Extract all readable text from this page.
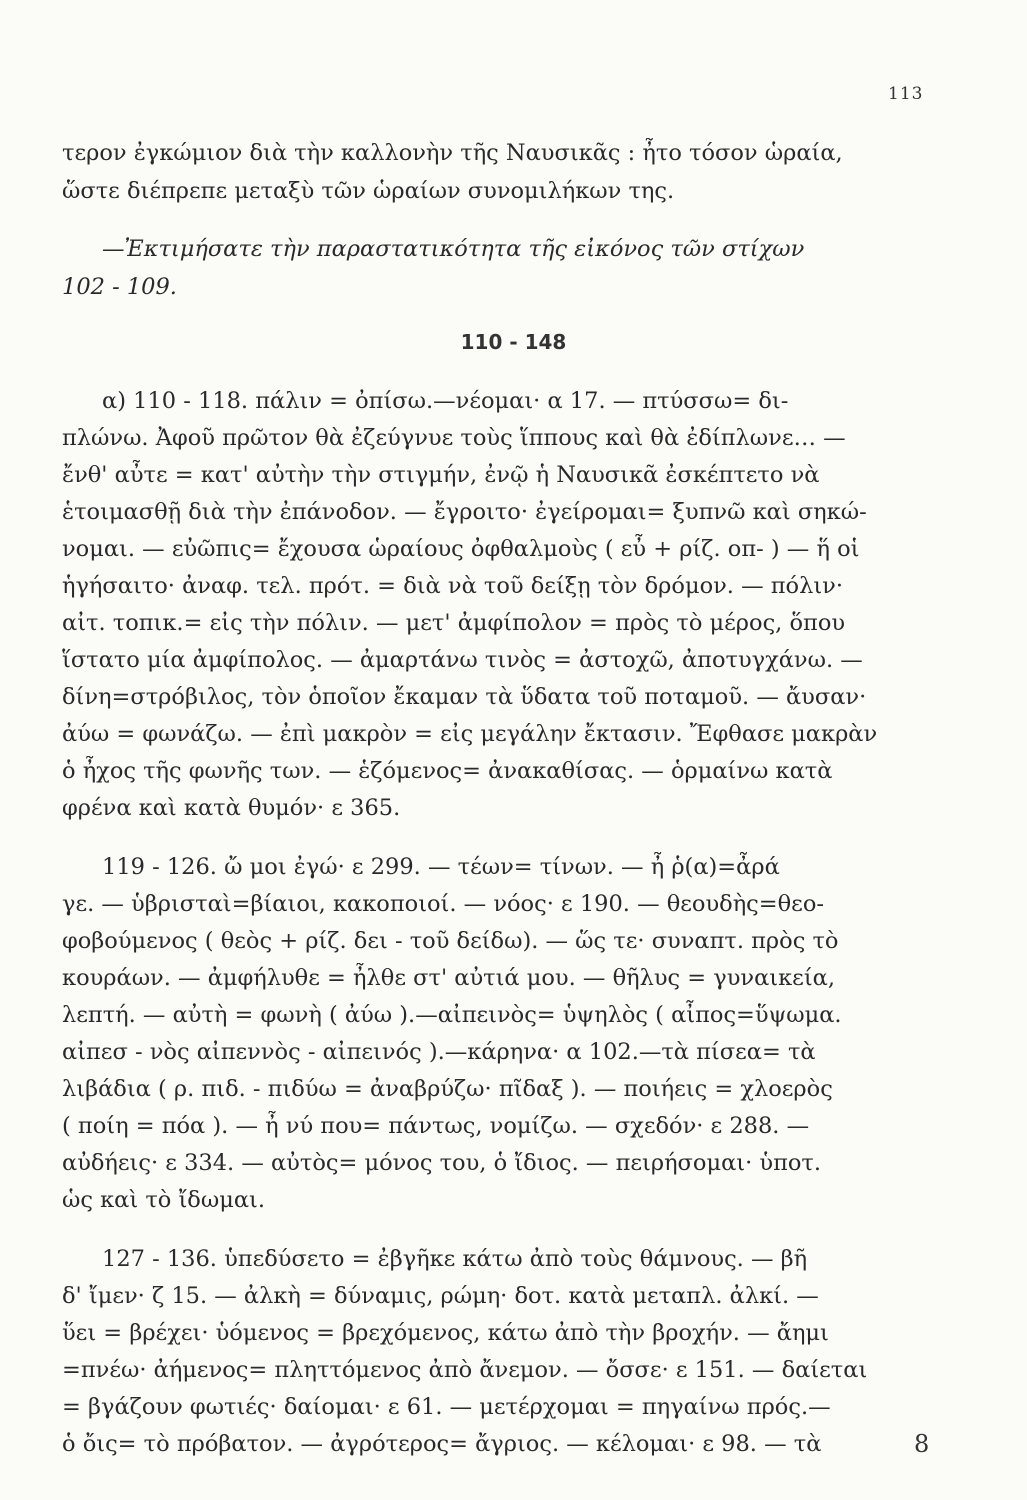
113
τερον ἐγκώμιον διὰ τὴν καλλονὴν τῆς Ναυσικᾶς : ἦτο τόσον ὡραία,
ὥστε διέπρεπε μεταξὺ τῶν ὡραίων συνομιλήκων της.
—Ἐκτιμήσατε τὴν παραστατικότητα τῆς εἰκόνος τῶν στίχων
102 - 109.
110 - 148
α) 110 - 118. πάλιν = ὀπίσω.—νέομαι· α 17. — πτύσσω= δι-
πλώνω. Ἀφοῦ πρῶτον θὰ ἐζεύγνυε τοὺς ἵππους καὶ θὰ ἐδίπλωνε… —
ἔνθ' αὖτε = κατ' αὐτὴν τὴν στιγμήν, ἐνῷ ἡ Ναυσικᾶ ἐσκέπτετο νὰ
ἑτοιμασθῇ διὰ τὴν ἐπάνοδον. — ἔγροιτο· ἐγείρομαι= ξυπνῶ καὶ σηκώ-
νομαι. — εὐῶπις= ἔχουσα ὡραίους ὀφθαλμοὺς ( εὖ + ρίζ. οπ- ) — ἥ οἱ
ἡγήσαιτο· ἀναφ. τελ. πρότ. = διὰ νὰ τοῦ δείξῃ τὸν δρόμον. — πόλιν·
αἰτ. τοπικ.= εἰς τὴν πόλιν. — μετ' ἀμφίπολον = πρὸς τὸ μέρος, ὅπου
ἵστατο μία ἀμφίπολος. — ἀμαρτάνω τινὸς = ἀστοχῶ, ἀποτυγχάνω. —
δίνη=στρόβιλος, τὸν ὁποῖον ἔκαμαν τὰ ὕδατα τοῦ ποταμοῦ. — ἄυσαν·
ἀύω = φωνάζω. — ἐπὶ μακρὸν = εἰς μεγάλην ἔκτασιν. Ἔφθασε μακρὰν
ὁ ἦχος τῆς φωνῆς των. — ἑζόμενος= ἀνακαθίσας. — ὁρμαίνω κατὰ
φρένα καὶ κατὰ θυμόν· ε 365.
119 - 126. ὤ μοι ἐγώ· ε 299. — τέων= τίνων. — ἦ ῥ(α)=ἆρά
γε. — ὑβρισταὶ=βίαιοι, κακοποιοί. — νόος· ε 190. — θεουδὴς=θεο-
φοβούμενος ( θεὸς + ρίζ. δει - τοῦ δείδω). — ὥς τε· συναπτ. πρὸς τὸ
κουράων. — ἀμφήλυθε = ἦλθε στ' αὐτιά μου. — θῆλυς = γυναικεία,
λεπτή. — αὐτὴ = φωνὴ ( ἀύω ).—αἰπεινὸς= ὑψηλὸς ( αἶπος=ὕψωμα.
αἰπεσ - νὸς αἰπεννὸς - αἰπεινός ).—κάρηνα· α 102.—τὰ πίσεα= τὰ
λιβάδια ( ρ. πιδ. - πιδύω = ἀναβρύζω· πῖδαξ ). — ποιήεις = χλοερὸς
( ποίη = πόα ). — ἦ νύ που= πάντως, νομίζω. — σχεδόν· ε 288. —
αὐδήεις· ε 334. — αὐτὸς= μόνος του, ὁ ἴδιος. — πειρήσομαι· ὑποτ.
ὡς καὶ τὸ ἴδωμαι.
127 - 136. ὑπεδύσετο = ἐβγῆκε κάτω ἀπὸ τοὺς θάμνους. — βῆ
δ' ἴμεν· ζ 15. — ἀλκὴ = δύναμις, ρώμη· δοτ. κατὰ μεταπλ. ἀλκί. —
ὕει = βρέχει· ὑόμενος = βρεχόμενος, κάτω ἀπὸ τὴν βροχήν. — ἄημι
=πνέω· ἀήμενος= πληττόμενος ἀπὸ ἄνεμον. — ὄσσε· ε 151. — δαίεται
= βγάζουν φωτιές· δαίομαι· ε 61. — μετέρχομαι = πηγαίνω πρός.—
ὁ ὄις= τὸ πρόβατον. — ἀγρότερος= ἄγριος. — κέλομαι· ε 98. — τὰ	8
